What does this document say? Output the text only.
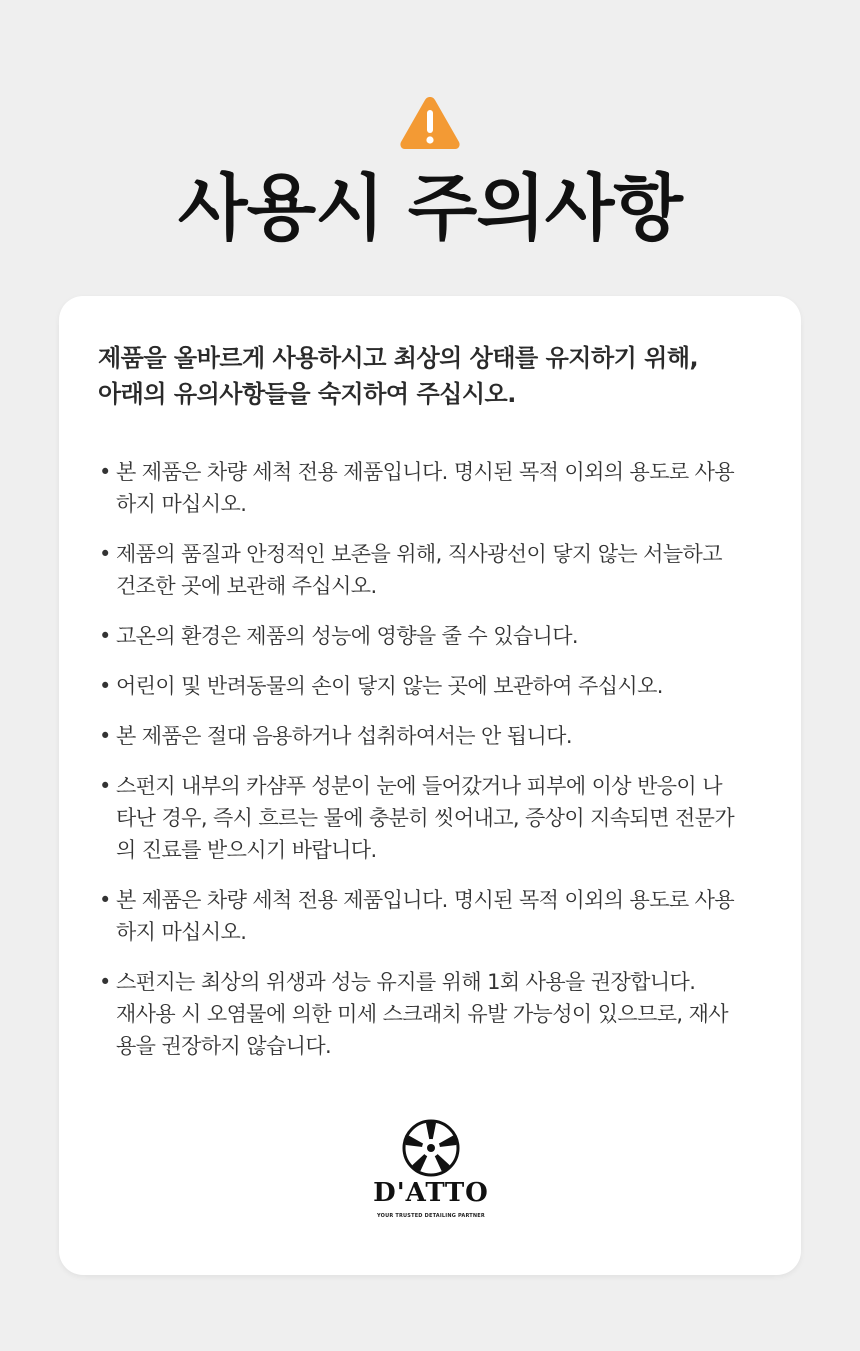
사용시 주의사항
제품을 올바르게 사용하시고 최상의 상태를 유지하기 위해,
아래의 유의사항들을 숙지하여 주십시오.
• 본 제품은 차량 세척 전용 제품입니다. 명시된 목적 이외의 용도로 사용
하지 마십시오.
• 제품의 품질과 안정적인 보존을 위해, 직사광선이 닿지 않는 서늘하고
건조한 곳에 보관해 주십시오.
• 고온의 환경은 제품의 성능에 영향을 줄 수 있습니다.
• 어린이 및 반려동물의 손이 닿지 않는 곳에 보관하여 주십시오.
• 본 제품은 절대 음용하거나 섭취하여서는 안 됩니다.
• 스펀지 내부의 카샴푸 성분이 눈에 들어갔거나 피부에 이상 반응이 나
타난 경우, 즉시 흐르는 물에 충분히 씻어내고, 증상이 지속되면 전문가
의 진료를 받으시기 바랍니다.
• 본 제품은 차량 세척 전용 제품입니다. 명시된 목적 이외의 용도로 사용
하지 마십시오.
• 스펀지는 최상의 위생과 성능 유지를 위해 1회 사용을 권장합니다.
재사용 시 오염물에 의한 미세 스크래치 유발 가능성이 있으므로, 재사
용을 권장하지 않습니다.
D'ATTO
YOUR TRUSTED DETAILING PARTNER
